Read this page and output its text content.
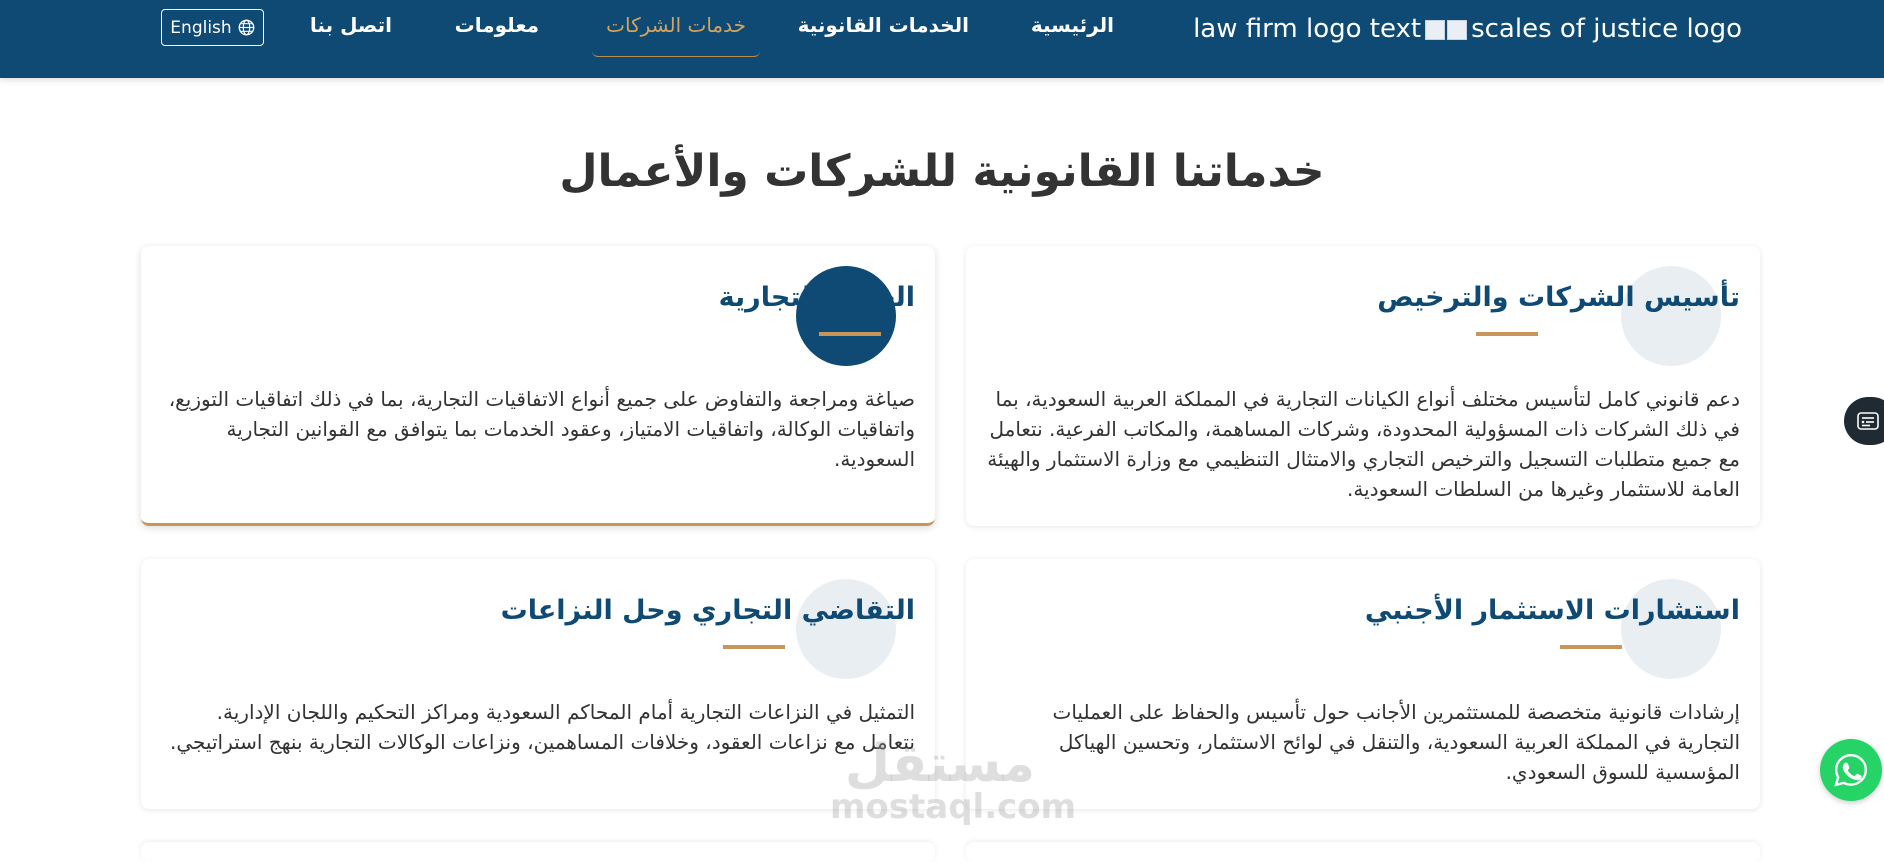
scales of justice logo
law firm logo text
الرئيسية
الخدمات القانونية
خدمات الشركات
معلومات
اتصل بنا
English
خدماتنا القانونية للشركات والأعمال
تأسيس الشركات والترخيص

دعم قانوني كامل لتأسيس مختلف أنواع الكيانات التجارية في المملكة العربية السعودية، بما في ذلك الشركات ذات المسؤولية المحدودة، وشركات المساهمة، والمكاتب الفرعية. نتعامل مع جميع متطلبات التسجيل والترخيص التجاري والامتثال التنظيمي مع وزارة الاستثمار والهيئة العامة للاستثمار وغيرها من السلطات السعودية.

العقود التجارية

صياغة ومراجعة والتفاوض على جميع أنواع الاتفاقيات التجارية، بما في ذلك اتفاقيات التوزيع، واتفاقيات الوكالة، واتفاقيات الامتياز، وعقود الخدمات بما يتوافق مع القوانين التجارية السعودية.

استشارات الاستثمار الأجنبي

إرشادات قانونية متخصصة للمستثمرين الأجانب حول تأسيس والحفاظ على العمليات التجارية في المملكة العربية السعودية، والتنقل في لوائح الاستثمار، وتحسين الهياكل المؤسسية للسوق السعودي.

التقاضي التجاري وحل النزاعات

التمثيل في النزاعات التجارية أمام المحاكم السعودية ومراكز التحكيم واللجان الإدارية. نتعامل مع نزاعات العقود، وخلافات المساهمين، ونزاعات الوكالات التجارية بنهج استراتيجي.

مستقل
mostaql.com
